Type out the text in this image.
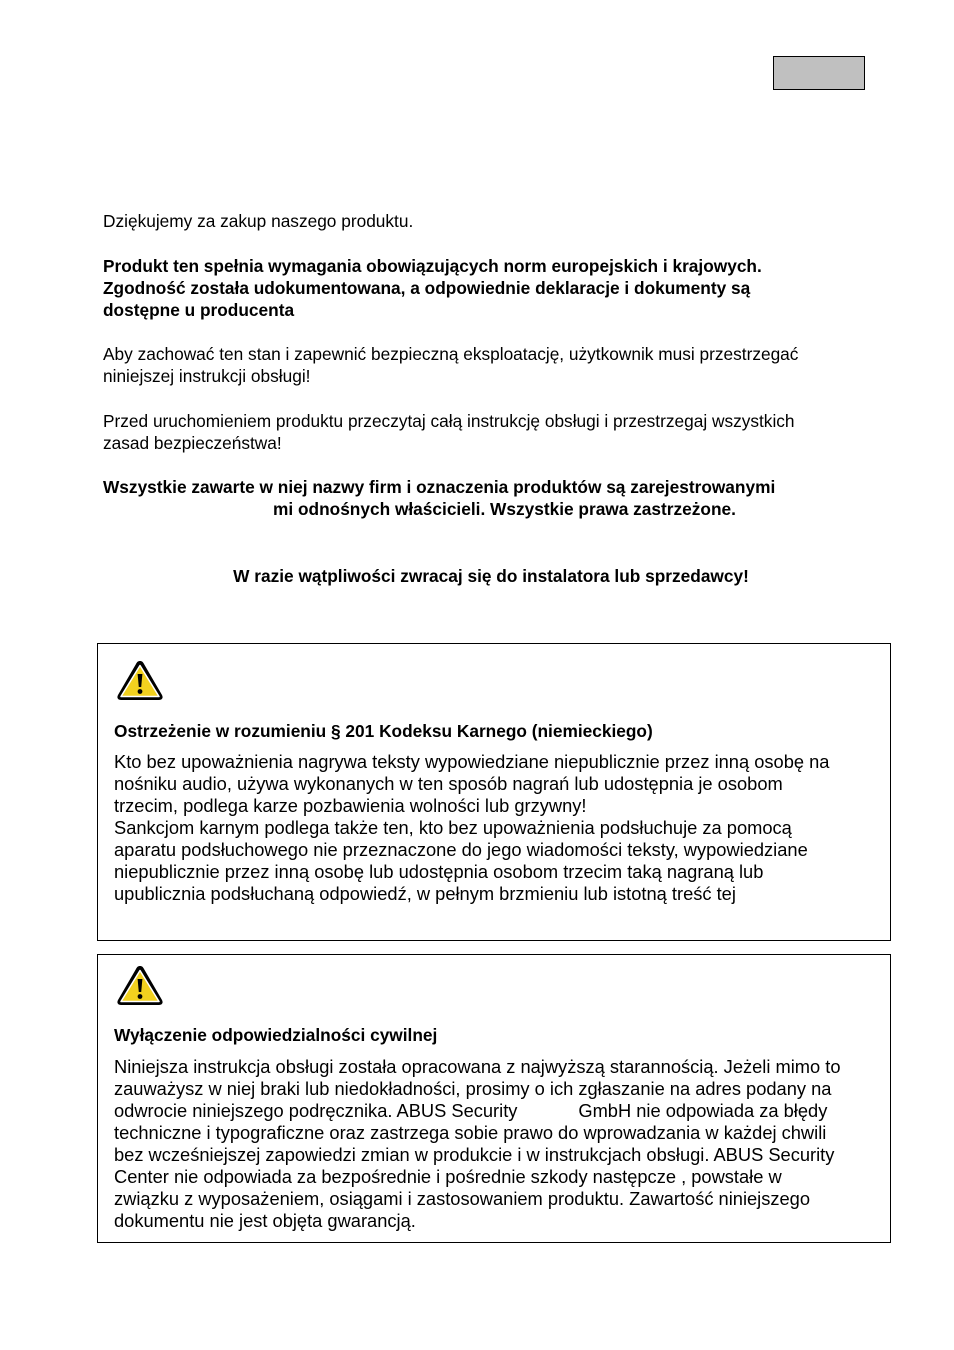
Dziękujemy za zakup naszego produktu.

Produkt ten spełnia wymagania obowiązujących norm europejskich i krajowych.
Zgodność została udokumentowana, a odpowiednie deklaracje i dokumenty są
dostępne u producenta

Aby zachować ten stan i zapewnić bezpieczną eksploatację, użytkownik musi przestrzegać
niniejszej instrukcji obsługi!

Przed uruchomieniem produktu przeczytaj całą instrukcję obsługi i przestrzegaj wszystkich
zasad bezpieczeństwa!

Wszystkie zawarte w niej nazwy firm i oznaczenia produktów są zarejestrowanymi
mi odnośnych właścicieli. Wszystkie prawa zastrzeżone.

W razie wątpliwości zwracaj się do instalatora lub sprzedawcy!

Ostrzeżenie w rozumieniu § 201 Kodeksu Karnego (niemieckiego)

Kto bez upoważnienia nagrywa teksty wypowiedziane niepublicznie przez inną osobę na
nośniku audio, używa wykonanych w ten sposób nagrań lub udostępnia je osobom
trzecim, podlega karze pozbawienia wolności lub grzywny!
Sankcjom karnym podlega także ten, kto bez upoważnienia podsłuchuje za pomocą
aparatu podsłuchowego nie przeznaczone do jego wiadomości teksty, wypowiedziane
niepublicznie przez inną osobę lub udostępnia osobom trzecim taką nagraną lub
upublicznia podsłuchaną odpowiedź, w pełnym brzmieniu lub istotną treść tej

Wyłączenie odpowiedzialności cywilnej

Niniejsza instrukcja obsługi została opracowana z najwyższą starannością. Jeżeli mimo to
zauważysz w niej braki lub niedokładności, prosimy o ich zgłaszanie na adres podany na
odwrocie niniejszego podręcznika. ABUS Security            GmbH nie odpowiada za błędy
techniczne i typograficzne oraz zastrzega sobie prawo do wprowadzania w każdej chwili
bez wcześniejszej zapowiedzi zmian w produkcie i w instrukcjach obsługi. ABUS Security
Center nie odpowiada za bezpośrednie i pośrednie szkody następcze , powstałe w
związku z wyposażeniem, osiągami i zastosowaniem produktu. Zawartość niniejszego
dokumentu nie jest objęta gwarancją.
